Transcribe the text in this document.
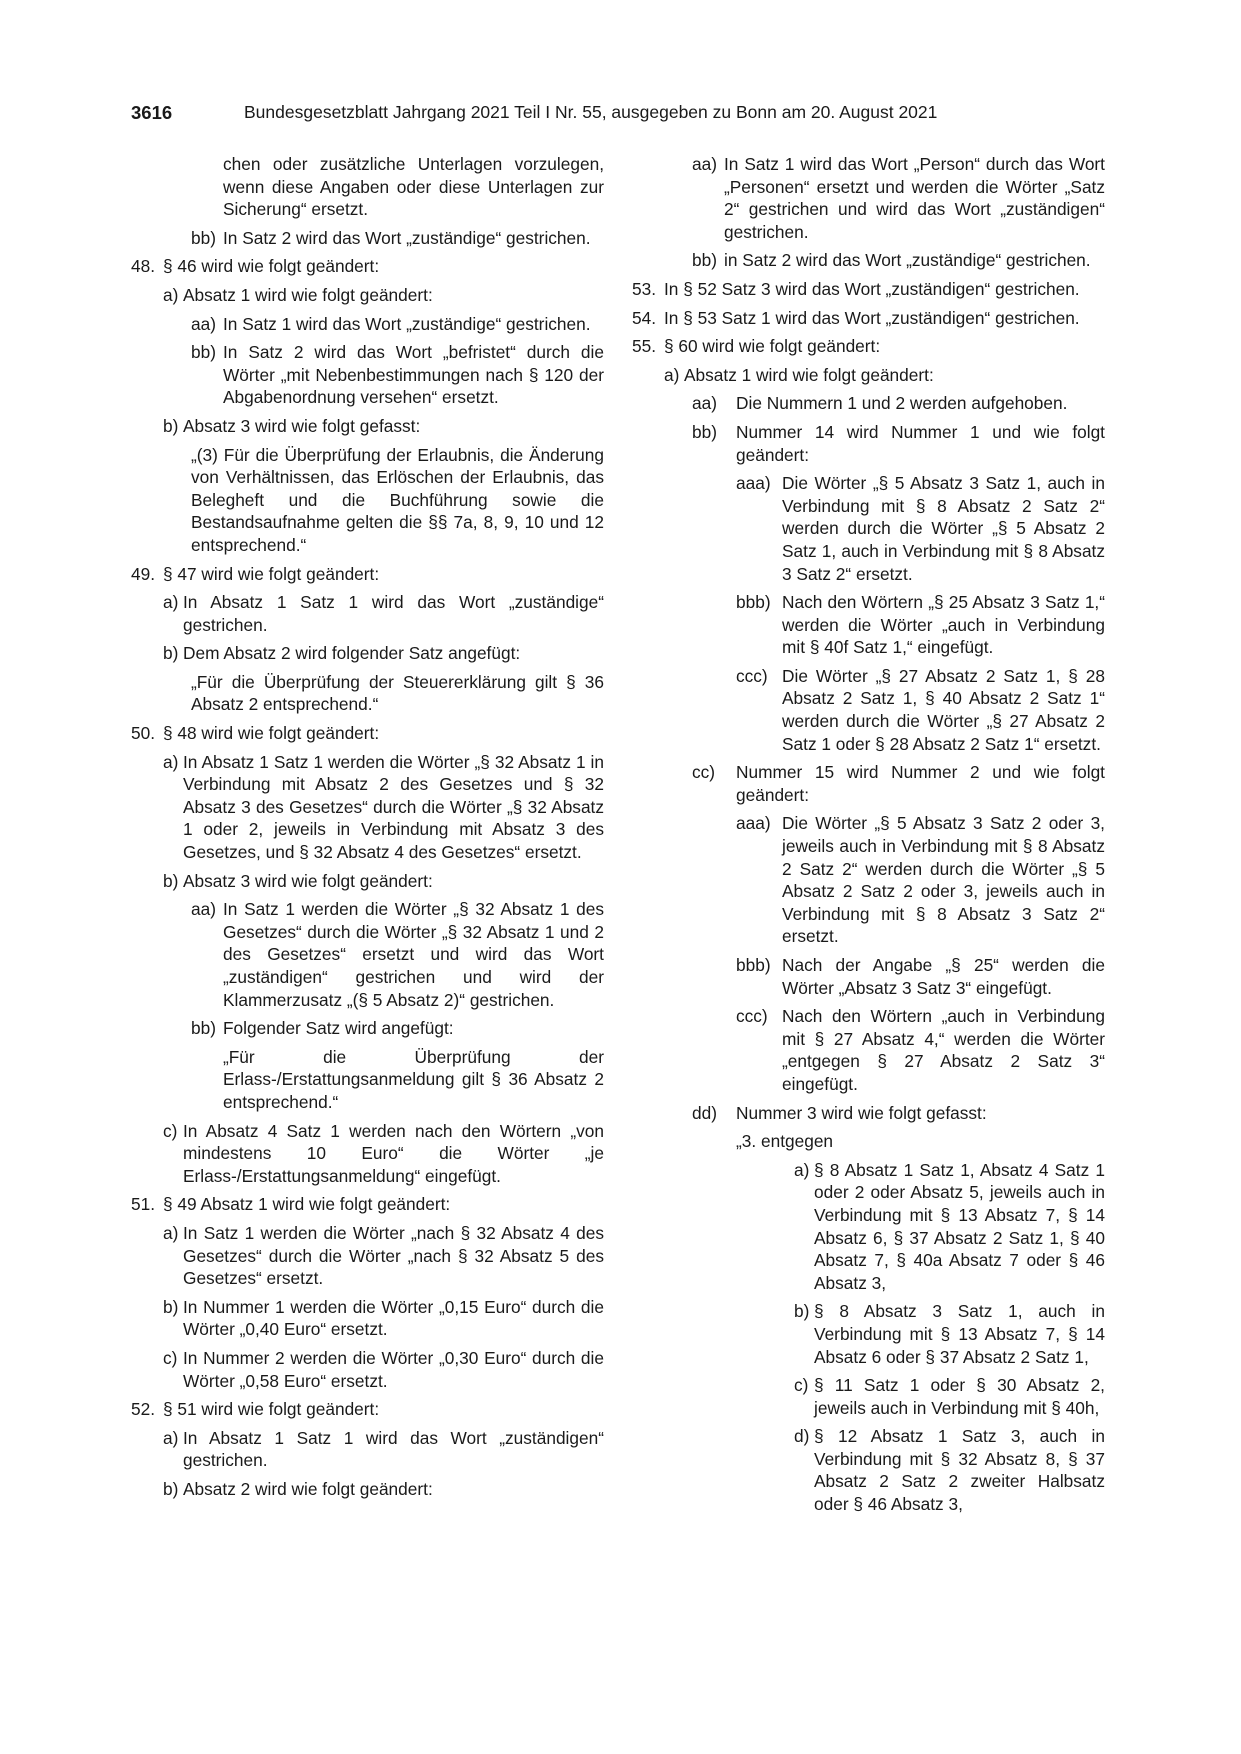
3616	Bundesgesetzblatt Jahrgang 2021 Teil I Nr. 55, ausgegeben zu Bonn am 20. August 2021
chen oder zusätzliche Unterlagen vorzulegen, wenn diese Angaben oder diese Unterlagen zur Sicherung“ ersetzt.
bb) In Satz 2 wird das Wort „zuständige“ gestrichen.
48. § 46 wird wie folgt geändert:
a) Absatz 1 wird wie folgt geändert:
aa) In Satz 1 wird das Wort „zuständige“ gestrichen.
bb) In Satz 2 wird das Wort „befristet“ durch die Wörter „mit Nebenbestimmungen nach § 120 der Abgabenordnung versehen“ ersetzt.
b) Absatz 3 wird wie folgt gefasst:
„(3) Für die Überprüfung der Erlaubnis, die Änderung von Verhältnissen, das Erlöschen der Erlaubnis, das Belegheft und die Buchführung sowie die Bestandsaufnahme gelten die §§ 7a, 8, 9, 10 und 12 entsprechend.“
49. § 47 wird wie folgt geändert:
a) In Absatz 1 Satz 1 wird das Wort „zuständige“ gestrichen.
b) Dem Absatz 2 wird folgender Satz angefügt:
„Für die Überprüfung der Steuererklärung gilt § 36 Absatz 2 entsprechend.“
50. § 48 wird wie folgt geändert:
a) In Absatz 1 Satz 1 werden die Wörter „§ 32 Absatz 1 in Verbindung mit Absatz 2 des Gesetzes und § 32 Absatz 3 des Gesetzes“ durch die Wörter „§ 32 Absatz 1 oder 2, jeweils in Verbindung mit Absatz 3 des Gesetzes, und § 32 Absatz 4 des Gesetzes“ ersetzt.
b) Absatz 3 wird wie folgt geändert:
aa) In Satz 1 werden die Wörter „§ 32 Absatz 1 des Gesetzes“ durch die Wörter „§ 32 Absatz 1 und 2 des Gesetzes“ ersetzt und wird das Wort „zuständigen“ gestrichen und wird der Klammerzusatz „(§ 5 Absatz 2)“ gestrichen.
bb) Folgender Satz wird angefügt:
„Für die Überprüfung der Erlass-/Erstattungsanmeldung gilt § 36 Absatz 2 entsprechend.“
c) In Absatz 4 Satz 1 werden nach den Wörtern „von mindestens 10 Euro“ die Wörter „je Erlass-/Erstattungsanmeldung“ eingefügt.
51. § 49 Absatz 1 wird wie folgt geändert:
a) In Satz 1 werden die Wörter „nach § 32 Absatz 4 des Gesetzes“ durch die Wörter „nach § 32 Absatz 5 des Gesetzes“ ersetzt.
b) In Nummer 1 werden die Wörter „0,15 Euro“ durch die Wörter „0,40 Euro“ ersetzt.
c) In Nummer 2 werden die Wörter „0,30 Euro“ durch die Wörter „0,58 Euro“ ersetzt.
52. § 51 wird wie folgt geändert:
a) In Absatz 1 Satz 1 wird das Wort „zuständigen“ gestrichen.
b) Absatz 2 wird wie folgt geändert:
aa) In Satz 1 wird das Wort „Person“ durch das Wort „Personen“ ersetzt und werden die Wörter „Satz 2“ gestrichen und wird das Wort „zuständigen“ gestrichen.
bb) in Satz 2 wird das Wort „zuständige“ gestrichen.
53. In § 52 Satz 3 wird das Wort „zuständigen“ gestrichen.
54. In § 53 Satz 1 wird das Wort „zuständigen“ gestrichen.
55. § 60 wird wie folgt geändert:
a) Absatz 1 wird wie folgt geändert:
aa) Die Nummern 1 und 2 werden aufgehoben.
bb) Nummer 14 wird Nummer 1 und wie folgt geändert:
aaa) Die Wörter „§ 5 Absatz 3 Satz 1, auch in Verbindung mit § 8 Absatz 2 Satz 2“ werden durch die Wörter „§ 5 Absatz 2 Satz 1, auch in Verbindung mit § 8 Absatz 3 Satz 2“ ersetzt.
bbb) Nach den Wörtern „§ 25 Absatz 3 Satz 1,“ werden die Wörter „auch in Verbindung mit § 40f Satz 1,“ eingefügt.
ccc) Die Wörter „§ 27 Absatz 2 Satz 1, § 28 Absatz 2 Satz 1, § 40 Absatz 2 Satz 1“ werden durch die Wörter „§ 27 Absatz 2 Satz 1 oder § 28 Absatz 2 Satz 1“ ersetzt.
cc) Nummer 15 wird Nummer 2 und wie folgt geändert:
aaa) Die Wörter „§ 5 Absatz 3 Satz 2 oder 3, jeweils auch in Verbindung mit § 8 Absatz 2 Satz 2“ werden durch die Wörter „§ 5 Absatz 2 Satz 2 oder 3, jeweils auch in Verbindung mit § 8 Absatz 3 Satz 2“ ersetzt.
bbb) Nach der Angabe „§ 25“ werden die Wörter „Absatz 3 Satz 3“ eingefügt.
ccc) Nach den Wörtern „auch in Verbindung mit § 27 Absatz 4,“ werden die Wörter „entgegen § 27 Absatz 2 Satz 3“ eingefügt.
dd) Nummer 3 wird wie folgt gefasst:
„3. entgegen
a) § 8 Absatz 1 Satz 1, Absatz 4 Satz 1 oder 2 oder Absatz 5, jeweils auch in Verbindung mit § 13 Absatz 7, § 14 Absatz 6, § 37 Absatz 2 Satz 1, § 40 Absatz 7, § 40a Absatz 7 oder § 46 Absatz 3,
b) § 8 Absatz 3 Satz 1, auch in Verbindung mit § 13 Absatz 7, § 14 Absatz 6 oder § 37 Absatz 2 Satz 1,
c) § 11 Satz 1 oder § 30 Absatz 2, jeweils auch in Verbindung mit § 40h,
d) § 12 Absatz 1 Satz 3, auch in Verbindung mit § 32 Absatz 8, § 37 Absatz 2 Satz 2 zweiter Halbsatz oder § 46 Absatz 3,
